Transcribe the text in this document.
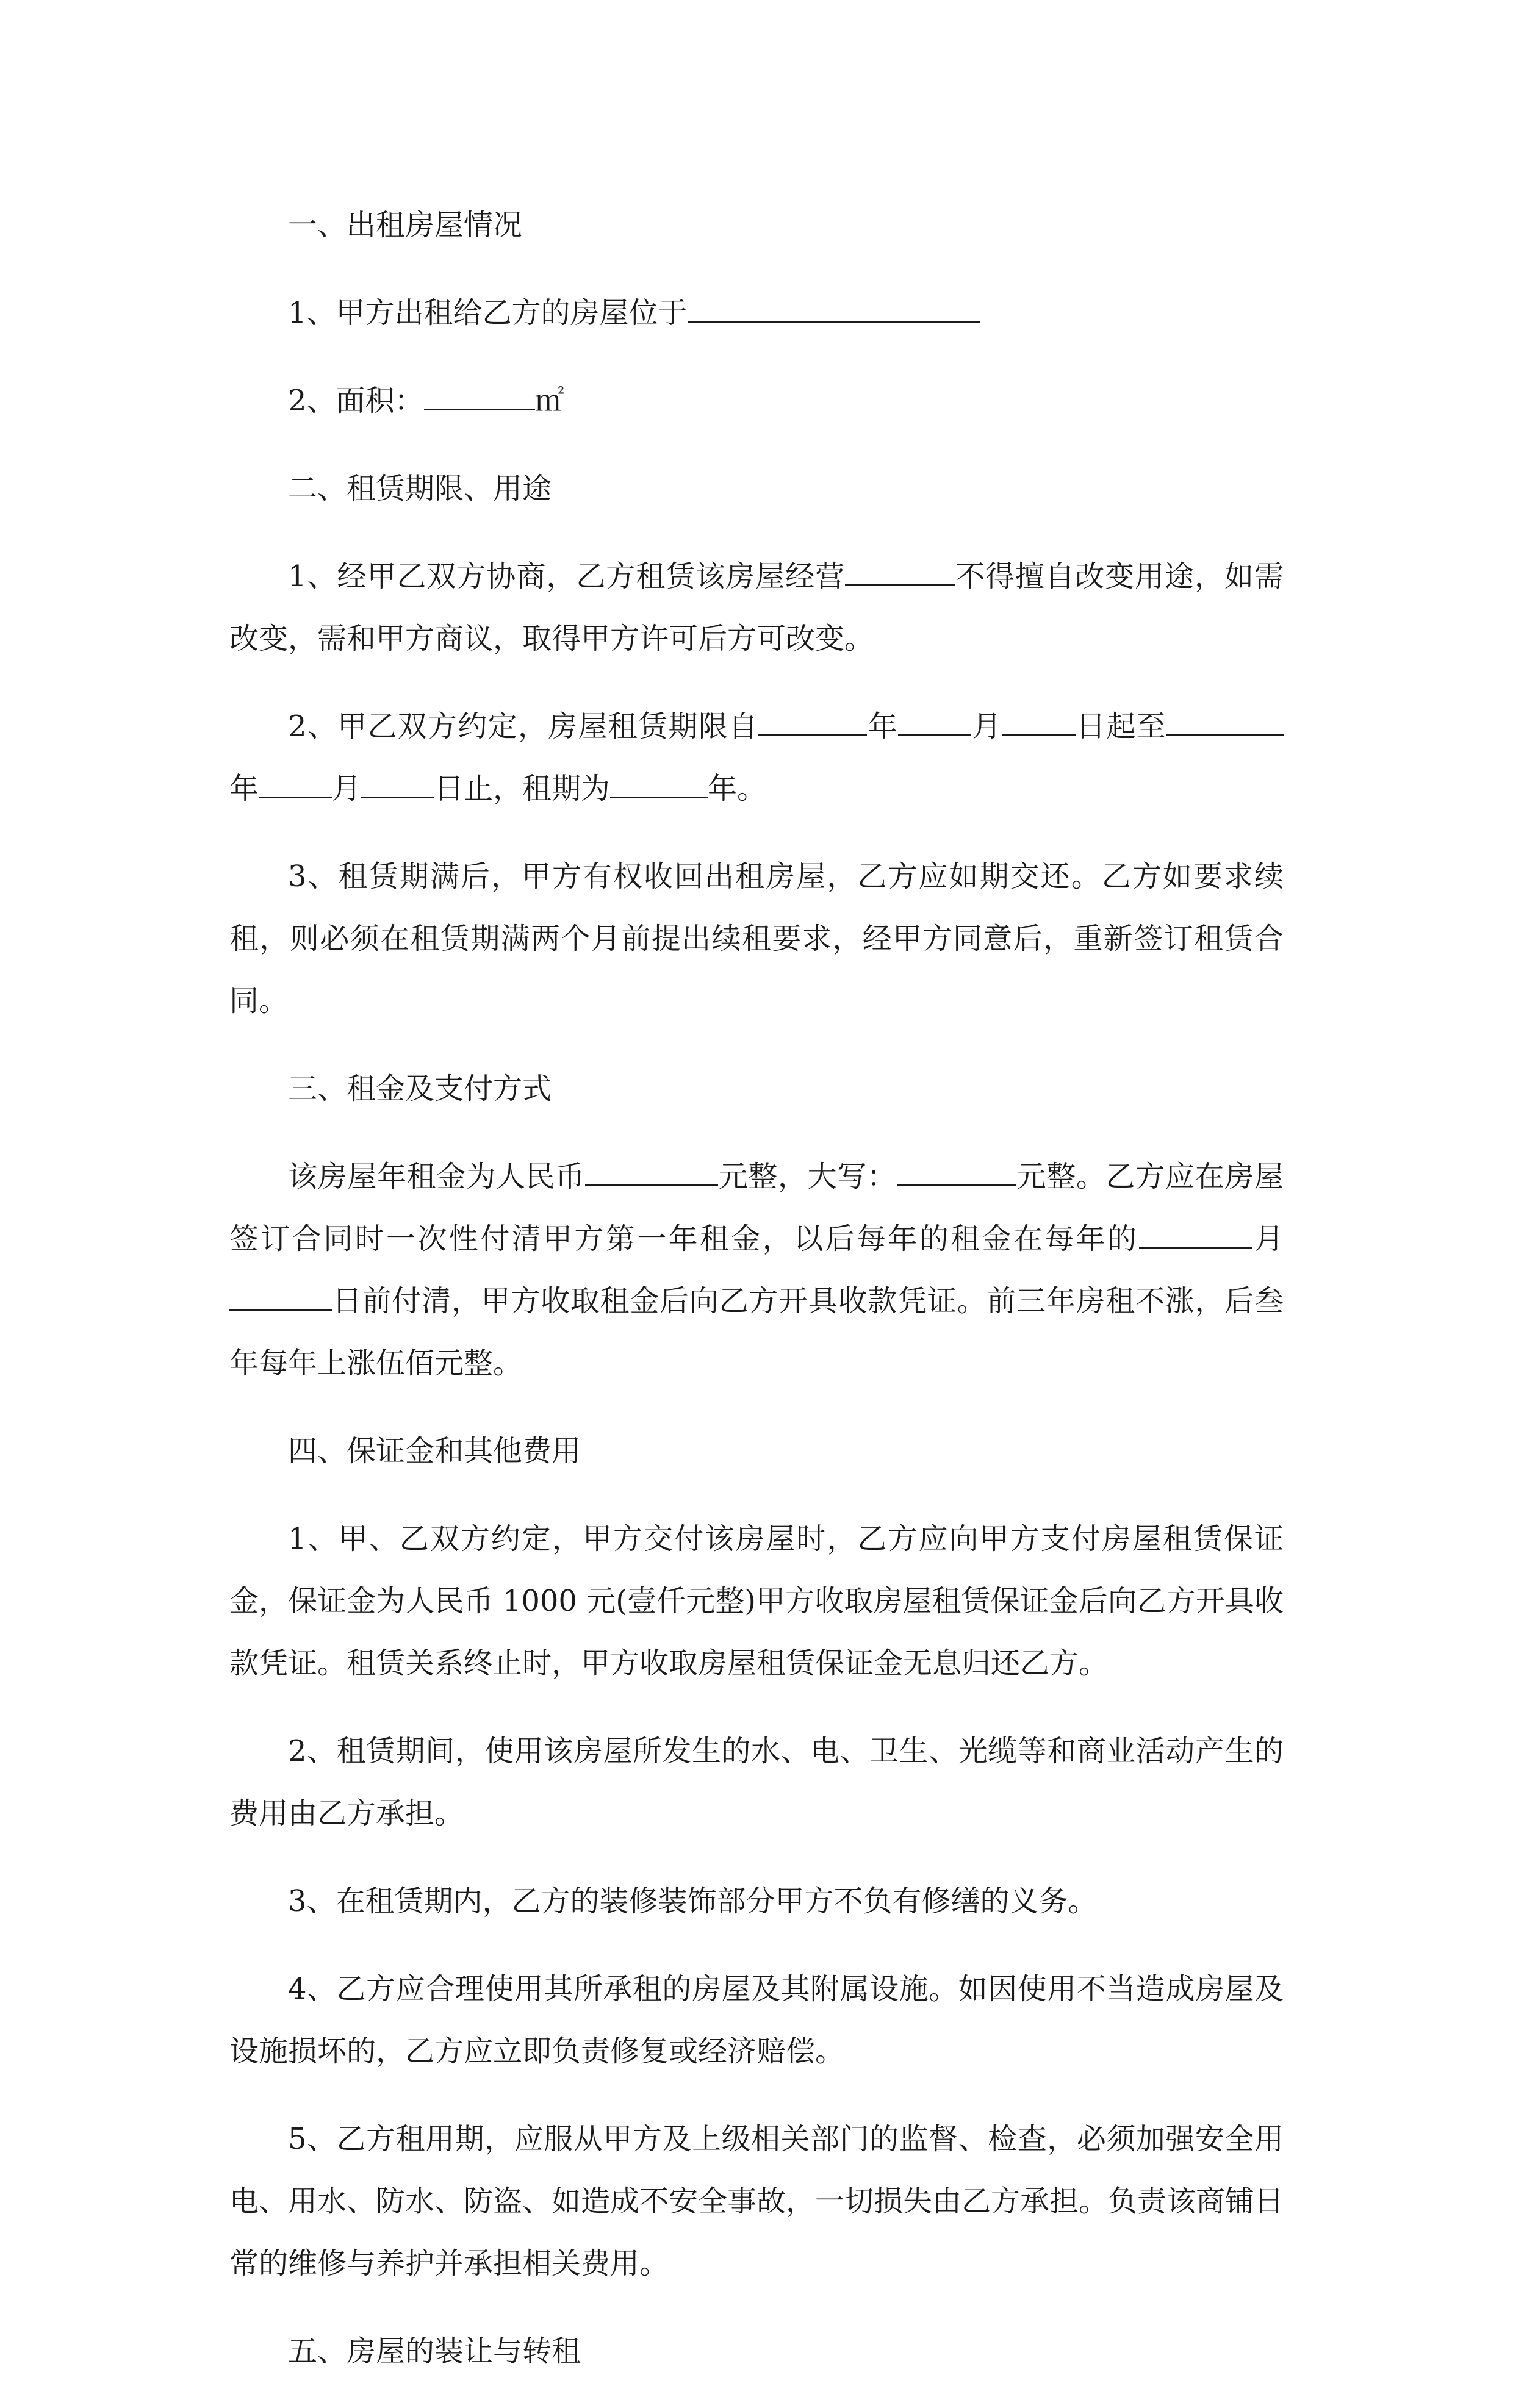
一、出租房屋情况

1、甲方出租给乙方的房屋位于

2、面积：	㎡

二、租赁期限、用途

1、经甲乙双方协商，乙方租赁该房屋经营	不得擅自改变用途，如需改变，需和甲方商议，取得甲方许可后方可改变。

2、甲乙双方约定，房屋租赁期限自	年	月	日起至年	月	日止，租期为	年。

3、租赁期满后，甲方有权收回出租房屋，乙方应如期交还。乙方如要求续租，则必须在租赁期满两个月前提出续租要求，经甲方同意后，重新签订租赁合同。

三、租金及支付方式

该房屋年租金为人民币	元整，大写：	元整。乙方应在房屋签订合同时一次性付清甲方第一年租金，以后每年的租金在每年的	月日前付清，甲方收取租金后向乙方开具收款凭证。前三年房租不涨，后叁年每年上涨伍佰元整。

四、保证金和其他费用

1、甲、乙双方约定，甲方交付该房屋时，乙方应向甲方支付房屋租赁保证金，保证金为人民币 1000 元(壹仟元整)甲方收取房屋租赁保证金后向乙方开具收款凭证。租赁关系终止时，甲方收取房屋租赁保证金无息归还乙方。

2、租赁期间，使用该房屋所发生的水、电、卫生、光缆等和商业活动产生的费用由乙方承担。

3、在租赁期内，乙方的装修装饰部分甲方不负有修缮的义务。

4、乙方应合理使用其所承租的房屋及其附属设施。如因使用不当造成房屋及设施损坏的，乙方应立即负责修复或经济赔偿。

5、乙方租用期，应服从甲方及上级相关部门的监督、检查，必须加强安全用电、用水、防水、防盗、如造成不安全事故，一切损失由乙方承担。负责该商铺日常的维修与养护并承担相关费用。

五、房屋的装让与转租
